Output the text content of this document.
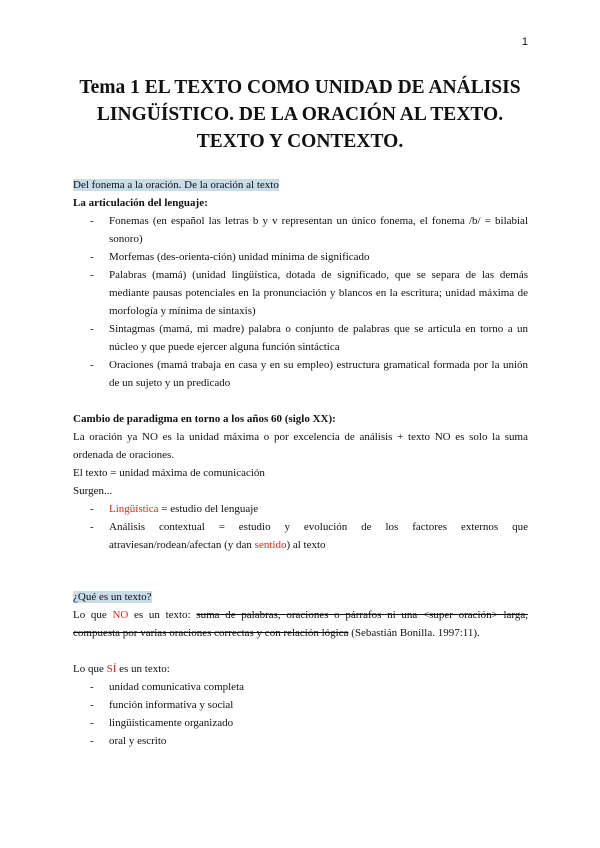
1
Tema 1 EL TEXTO COMO UNIDAD DE ANÁLISIS
LINGÜÍSTICO. DE LA ORACIÓN AL TEXTO.
TEXTO Y CONTEXTO.

Del fonema a la oración. De la oración al texto

La articulación del lenguaje:

- Fonemas (en español las letras b y v representan un único fonema, el fonema /b/ = bilabial sonoro)
- Morfemas (des-orienta-ción) unidad mínima de significado
- Palabras (mamá) (unidad lingüística, dotada de significado, que se separa de las demás mediante pausas potenciales en la pronunciación y blancos en la escritura; unidad máxima de morfología y mínima de sintaxis)
- Sintagmas (mamá, mi madre) palabra o conjunto de palabras que se articula en torno a un núcleo y que puede ejercer alguna función sintáctica
- Oraciones (mamá trabaja en casa y en su empleo) estructura gramatical formada por la unión de un sujeto y un predicado

Cambio de paradigma en torno a los años 60 (siglo XX):

La oración ya NO es la unidad máxima o por excelencia de análisis + texto NO es solo la suma ordenada de oraciones.

El texto = unidad máxima de comunicación

Surgen...

- Lingüística = estudio del lenguaje
- Análisis contextual = estudio y evolución de los factores externos que atraviesan/rodean/afectan (y dan sentido) al texto

¿Qué es un texto?

Lo que NO es un texto: suma de palabras, oraciones o párrafos ni una <super oración> larga, compuesta por varias oraciones correctas y con relación lógica (Sebastián Bonilla. 1997:11).

Lo que SÍ es un texto:

- unidad comunicativa completa
- función informativa y social
- lingüísticamente organizado
- oral y escrito
